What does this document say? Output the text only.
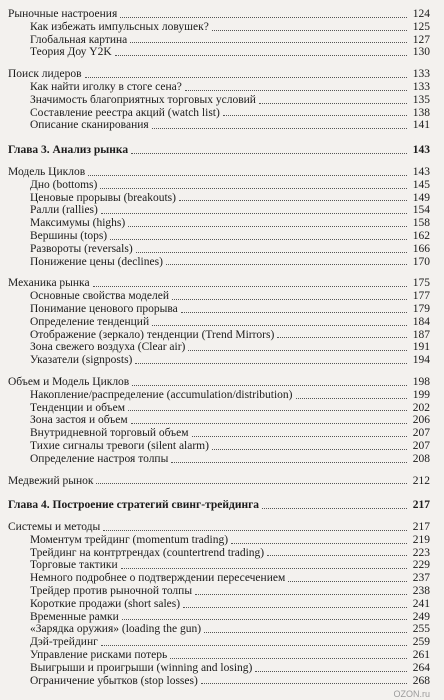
Рыночные настроения	124
Как избежать импульсных ловушек?	125
Глобальная картина	127
Теория Доу Y2K	130
Поиск лидеров	133
Как найти иголку в стоге сена?	133
Значимость благоприятных торговых условий	135
Составление реестра акций (watch list)	138
Описание сканирования	141
Глава 3. Анализ рынка	143
Модель Циклов	143
Дно (bottoms)	145
Ценовые прорывы (breakouts)	149
Ралли (rallies)	154
Максимумы (highs)	158
Вершины (tops)	162
Развороты (reversals)	166
Понижение цены (declines)	170
Механика рынка	175
Основные свойства моделей	177
Понимание ценового прорыва	179
Определение тенденций	184
Отображение (зеркало) тенденции (Trend Mirrors)	187
Зона свежего воздуха (Clear air)	191
Указатели (signposts)	194
Объем и Модель Циклов	198
Накопление/распределение (accumulation/distribution)	199
Тенденции и объем	202
Зона застоя и объем	206
Внутридневной торговый объем	207
Тихие сигналы тревоги (silent alarm)	207
Определение настроя толпы	208
Медвежий рынок	212
Глава 4. Построение стратегий свинг-трейдинга	217
Системы и методы	217
Моментум трейдинг (momentum trading)	219
Трейдинг на контртрендах (countertrend trading)	223
Торговые тактики	229
Немного подробнее о подтверждении пересечением	237
Трейдер против рыночной толпы	238
Короткие продажи (short sales)	241
Временные рамки	249
«Зарядка оружия» (loading the gun)	255
Дэй-трейдинг	259
Управление рисками потерь	261
Выигрыши и проигрыши (winning and losing)	264
Ограничение убытков (stop losses)	268
OZON.ru
